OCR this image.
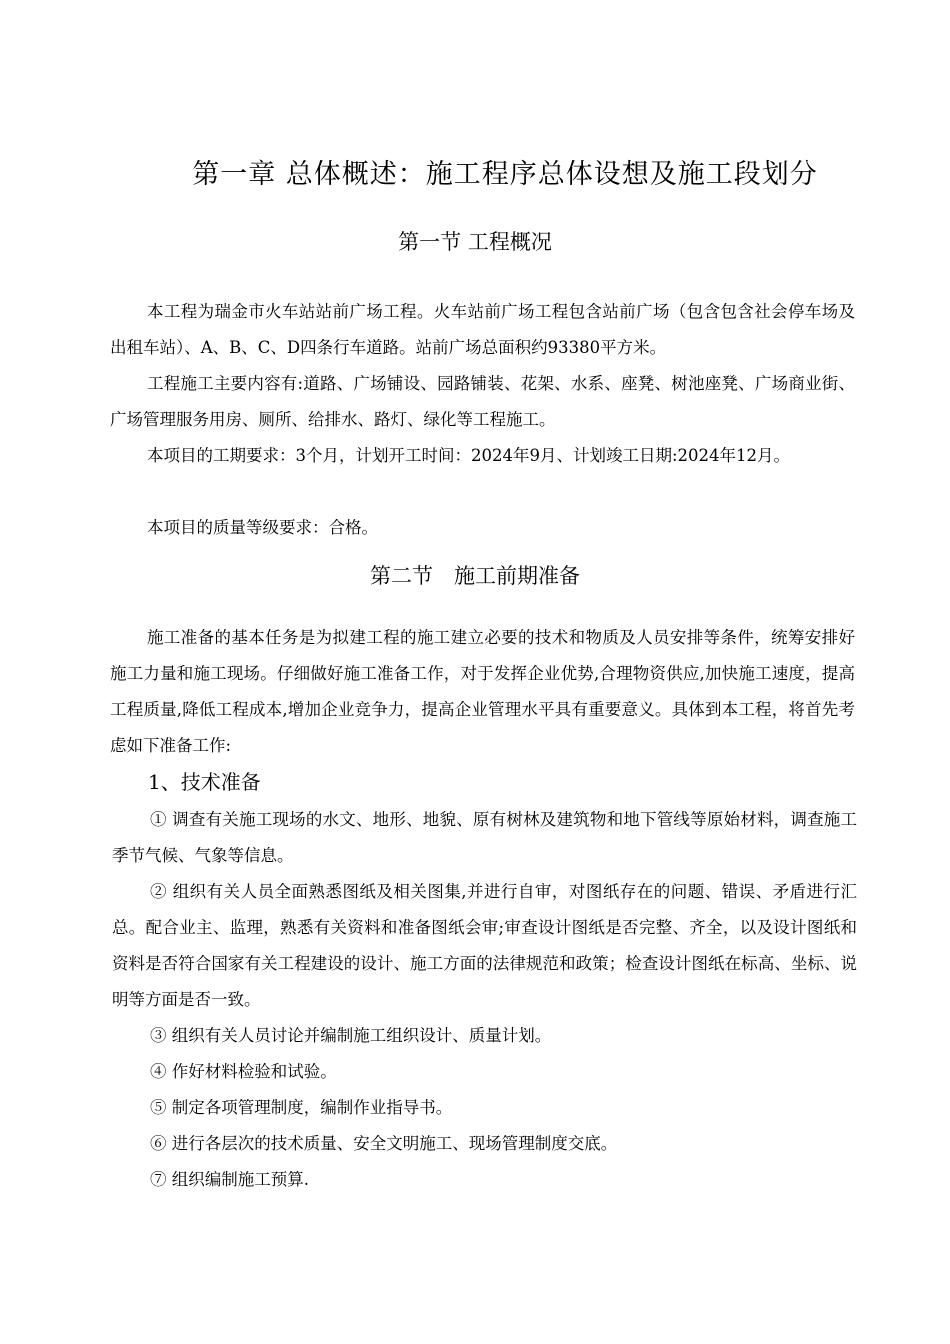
第一章 总体概述：施工程序总体设想及施工段划分
第一节 工程概况
本工程为瑞金市火车站站前广场工程。火车站前广场工程包含站前广场（包含包含社会停车场及出租车站）、A、B、C、D四条行车道路。站前广场总面积约93380平方米。
工程施工主要内容有:道路、广场铺设、园路铺装、花架、水系、座凳、树池座凳、广场商业街、广场管理服务用房、厕所、给排水、路灯、绿化等工程施工。
本项目的工期要求：3个月，计划开工时间：2024年9月、计划竣工日期:2024年12月。
本项目的质量等级要求：合格。
第二节　施工前期准备
施工准备的基本任务是为拟建工程的施工建立必要的技术和物质及人员安排等条件，统筹安排好施工力量和施工现场。仔细做好施工准备工作，对于发挥企业优势,合理物资供应,加快施工速度，提高工程质量,降低工程成本,增加企业竞争力，提高企业管理水平具有重要意义。具体到本工程，将首先考虑如下准备工作:
1、技术准备
① 调查有关施工现场的水文、地形、地貌、原有树林及建筑物和地下管线等原始材料，调查施工季节气候、气象等信息。
② 组织有关人员全面熟悉图纸及相关图集,并进行自审，对图纸存在的问题、错误、矛盾进行汇总。配合业主、监理，熟悉有关资料和准备图纸会审;审查设计图纸是否完整、齐全，以及设计图纸和资料是否符合国家有关工程建设的设计、施工方面的法律规范和政策；检查设计图纸在标高、坐标、说明等方面是否一致。
③ 组织有关人员讨论并编制施工组织设计、质量计划。
④ 作好材料检验和试验。
⑤ 制定各项管理制度，编制作业指导书。
⑥ 进行各层次的技术质量、安全文明施工、现场管理制度交底。
⑦ 组织编制施工预算.
